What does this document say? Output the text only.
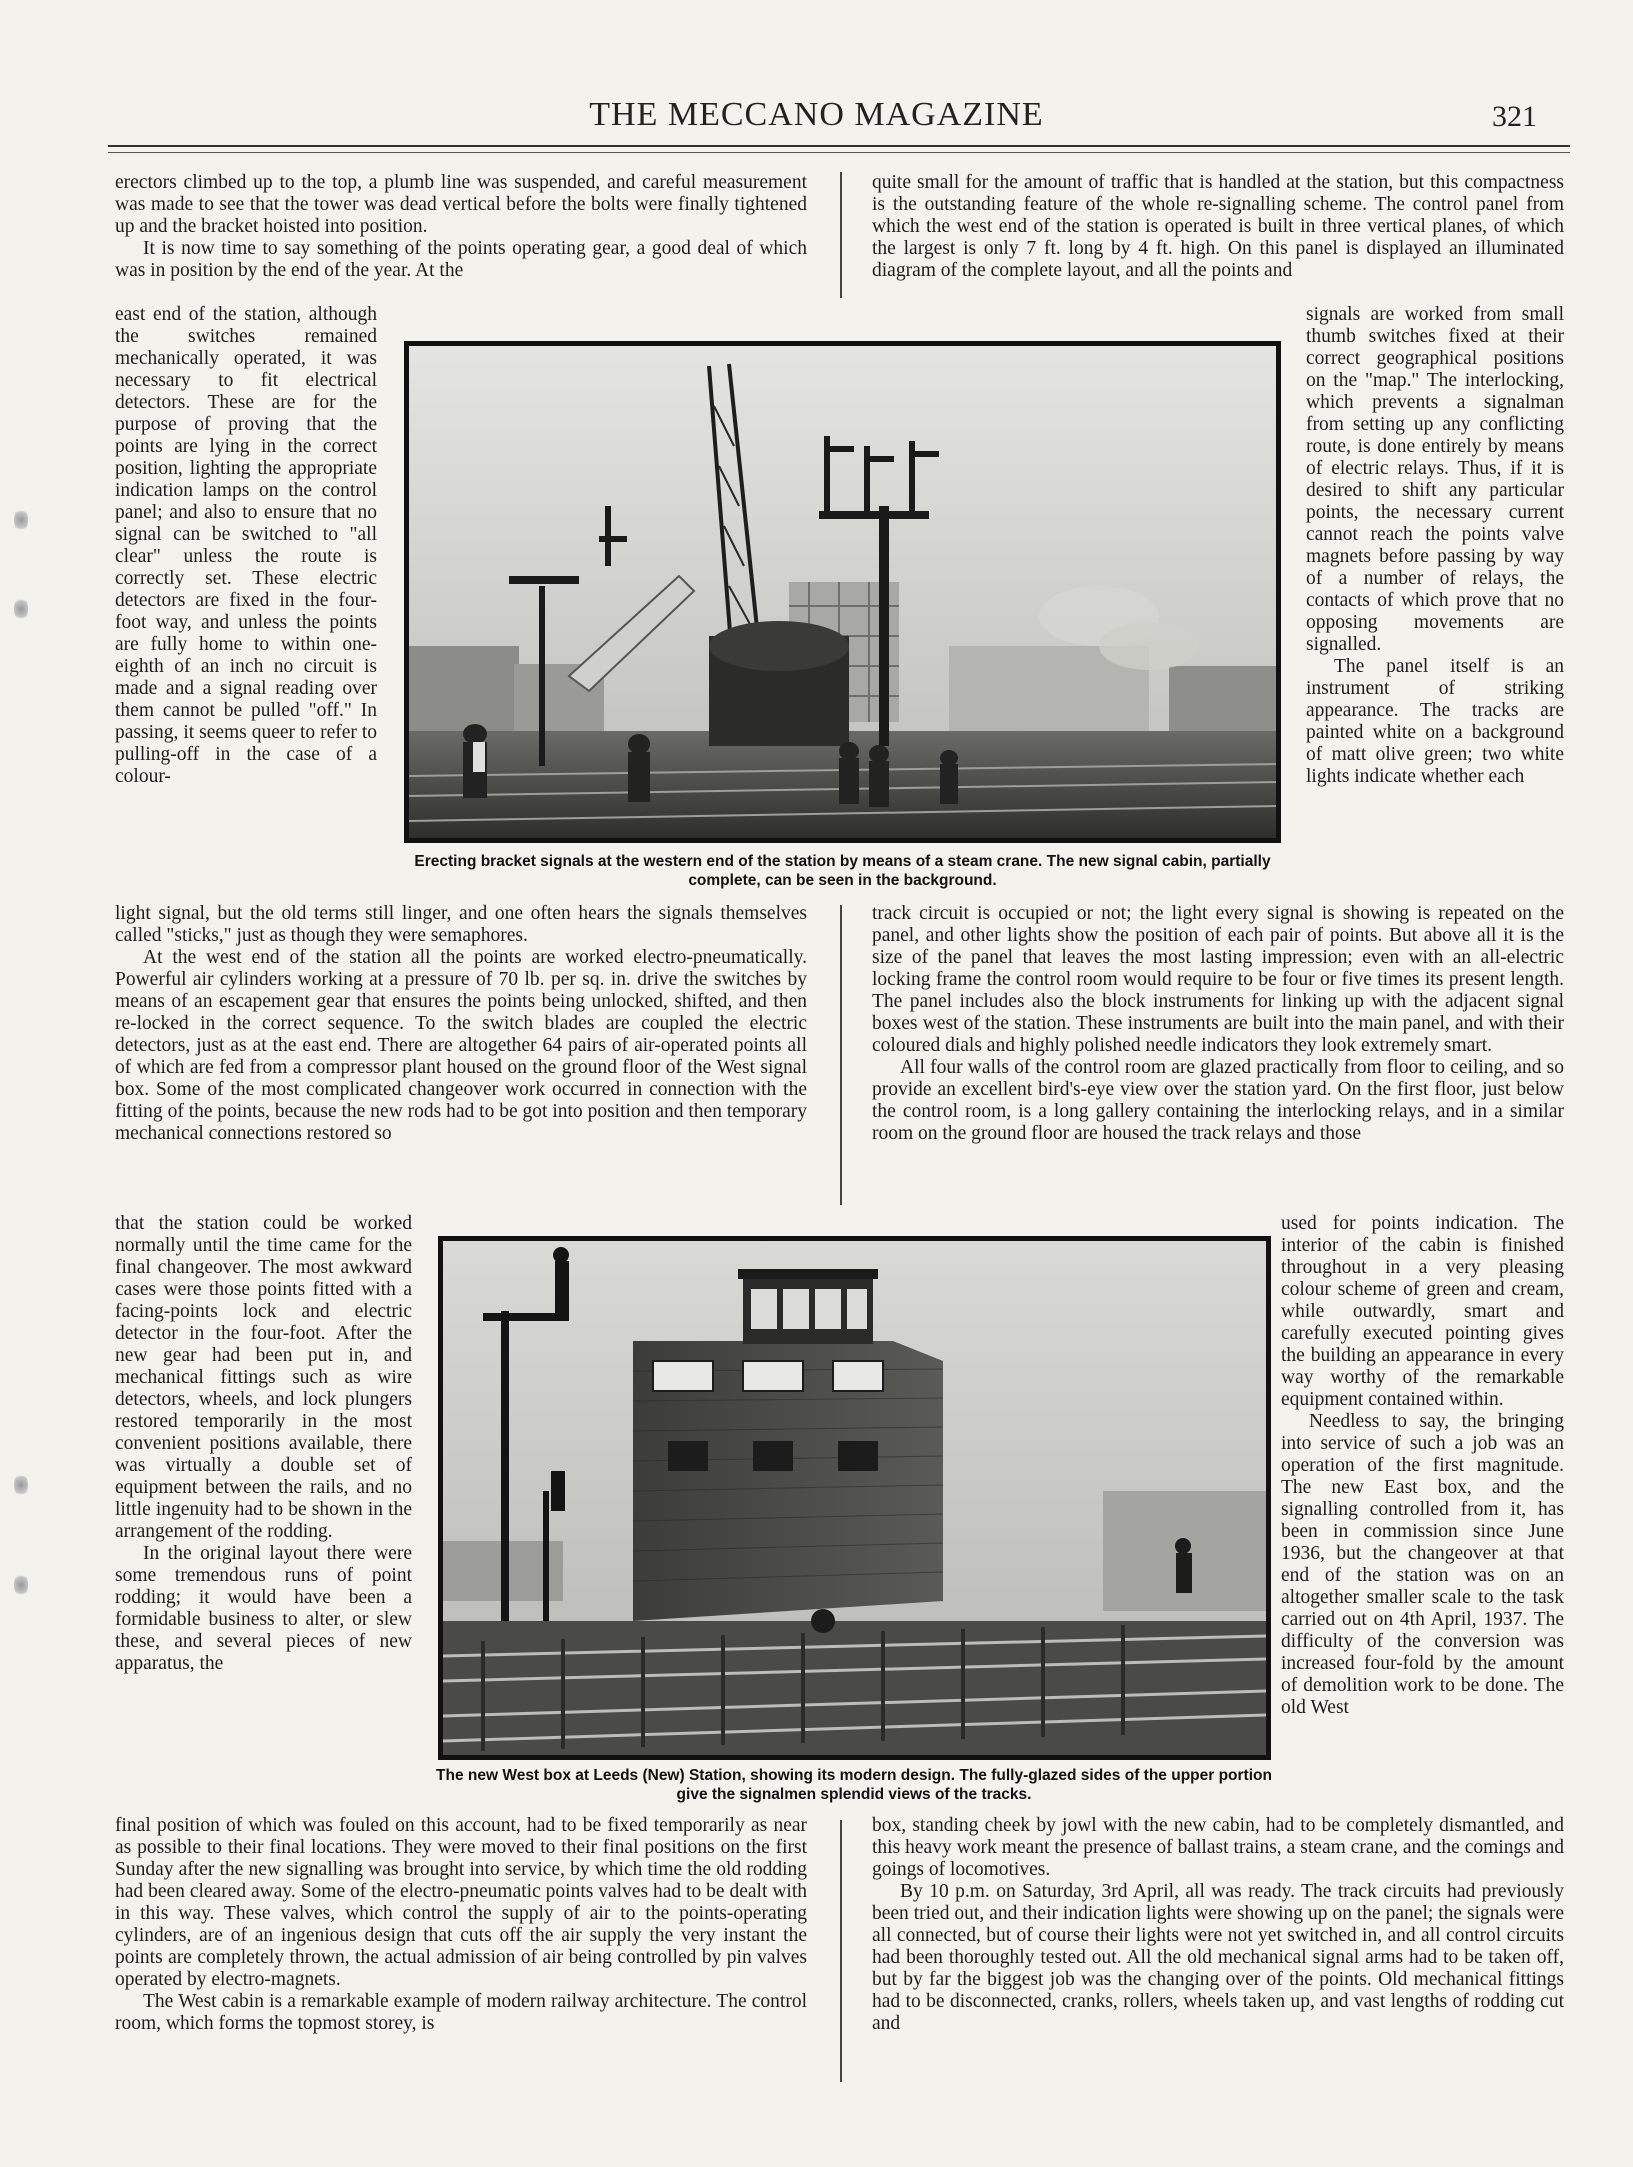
THE MECCANO MAGAZINE	321

erectors climbed up to the top, a plumb line was suspended, and careful measurement was made to see that the tower was dead vertical before the bolts were finally tightened up and the bracket hoisted into position.
It is now time to say something of the points operating gear, a good deal of which was in position by the end of the year. At the

east end of the station, although the switches remained mechanically operated, it was necessary to fit electrical detectors. These are for the purpose of proving that the points are lying in the correct position, lighting the appropriate indication lamps on the control panel; and also to ensure that no signal can be switched to "all clear" unless the route is correctly set. These electric detectors are fixed in the four-foot way, and unless the points are fully home to within one-eighth of an inch no circuit is made and a signal reading over them cannot be pulled "off." In passing, it seems queer to refer to pulling-off in the case of a colour-

light signal, but the old terms still linger, and one often hears the signals themselves called "sticks," just as though they were semaphores.
At the west end of the station all the points are worked electro-pneumatically. Powerful air cylinders working at a pressure of 70 lb. per sq. in. drive the switches by means of an escapement gear that ensures the points being unlocked, shifted, and then re-locked in the correct sequence. To the switch blades are coupled the electric detectors, just as at the east end. There are altogether 64 pairs of air-operated points all of which are fed from a compressor plant housed on the ground floor of the West signal box. Some of the most complicated changeover work occurred in connection with the fitting of the points, because the new rods had to be got into position and then temporary mechanical connections restored so

that the station could be worked normally until the time came for the final changeover. The most awkward cases were those points fitted with a facing-points lock and electric detector in the four-foot. After the new gear had been put in, and mechanical fittings such as wire detectors, wheels, and lock plungers restored temporarily in the most convenient positions available, there was virtually a double set of equipment between the rails, and no little ingenuity had to be shown in the arrangement of the rodding.
In the original layout there were some tremendous runs of point rodding; it would have been a formidable business to alter, or slew these, and several pieces of new apparatus, the

final position of which was fouled on this account, had to be fixed temporarily as near as possible to their final locations. They were moved to their final positions on the first Sunday after the new signalling was brought into service, by which time the old rodding had been cleared away. Some of the electro-pneumatic points valves had to be dealt with in this way. These valves, which control the supply of air to the points-operating cylinders, are of an ingenious design that cuts off the air supply the very instant the points are completely thrown, the actual admission of air being controlled by pin valves operated by electro-magnets.
The West cabin is a remarkable example of modern railway architecture. The control room, which forms the topmost storey, is

quite small for the amount of traffic that is handled at the station, but this compactness is the outstanding feature of the whole re-signalling scheme. The control panel from which the west end of the station is operated is built in three vertical planes, of which the largest is only 7 ft. long by 4 ft. high. On this panel is displayed an illuminated diagram of the complete layout, and all the points and

signals are worked from small thumb switches fixed at their correct geographical positions on the "map." The interlocking, which prevents a signalman from setting up any conflicting route, is done entirely by means of electric relays. Thus, if it is desired to shift any particular points, the necessary current cannot reach the points valve magnets before passing by way of a number of relays, the contacts of which prove that no opposing movements are signalled.
The panel itself is an instrument of striking appearance. The tracks are painted white on a background of matt olive green; two white lights indicate whether each

track circuit is occupied or not; the light every signal is showing is repeated on the panel, and other lights show the position of each pair of points. But above all it is the size of the panel that leaves the most lasting impression; even with an all-electric locking frame the control room would require to be four or five times its present length. The panel includes also the block instruments for linking up with the adjacent signal boxes west of the station. These instruments are built into the main panel, and with their coloured dials and highly polished needle indicators they look extremely smart.
All four walls of the control room are glazed practically from floor to ceiling, and so provide an excellent bird's-eye view over the station yard. On the first floor, just below the control room, is a long gallery containing the interlocking relays, and in a similar room on the ground floor are housed the track relays and those

used for points indication. The interior of the cabin is finished throughout in a very pleasing colour scheme of green and cream, while outwardly, smart and carefully executed pointing gives the building an appearance in every way worthy of the remarkable equipment contained within.
Needless to say, the bringing into service of such a job was an operation of the first magnitude. The new East box, and the signalling controlled from it, has been in commission since June 1936, but the changeover at that end of the station was on an altogether smaller scale to the task carried out on 4th April, 1937. The difficulty of the conversion was increased four-fold by the amount of demolition work to be done. The old West

box, standing cheek by jowl with the new cabin, had to be completely dismantled, and this heavy work meant the presence of ballast trains, a steam crane, and the comings and goings of locomotives.
By 10 p.m. on Saturday, 3rd April, all was ready. The track circuits had previously been tried out, and their indication lights were showing up on the panel; the signals were all connected, but of course their lights were not yet switched in, and all control circuits had been thoroughly tested out. All the old mechanical signal arms had to be taken off, but by far the biggest job was the changing over of the points. Old mechanical fittings had to be disconnected, cranks, rollers, wheels taken up, and vast lengths of rodding cut and

Erecting bracket signals at the western end of the station by means of a steam crane. The new signal cabin, partially complete, can be seen in the background.

The new West box at Leeds (New) Station, showing its modern design. The fully-glazed sides of the upper portion give the signalmen splendid views of the tracks.
